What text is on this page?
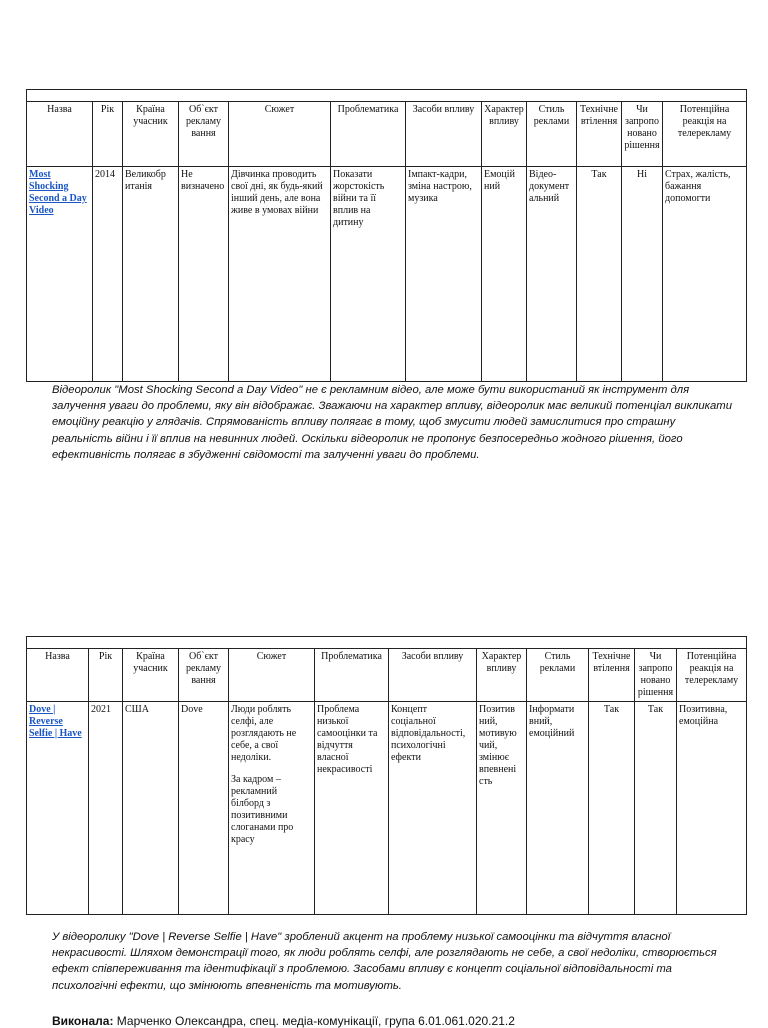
Назва	Рік	Країна учасник	Об`єкт рекламу вання	Сюжет	Проблематика	Засоби впливу	Характер впливу	Стиль реклами	Технічне втілення	Чи запропо новано рішення	Потенційна реакція на телерекламу
Most Shocking Second a Day Video	2014	Великобр итанія	Не визначено	Дівчинка проводить свої дні, як будь-який інший день, але вона живе в умовах війни	Показати жорстокість війни та її вплив на дитину	Імпакт-кадри, зміна настрою, музика	Емоцій ний	Відео-документ альний	Так	Ні	Страх, жалість, бажання допомогти
Відеоролик "Most Shocking Second a Day Video" не є рекламним відео, але може бути використаний як інструмент для залучення уваги до проблеми, яку він відображає. Зважаючи на характер впливу, відеоролик має великий потенціал викликати емоційну реакцію у глядачів. Спрямованість впливу полягає в тому, щоб змусити людей замислитися про страшну реальність війни і її вплив на невинних людей. Оскільки відеоролик не пропонує безпосередньо жодного рішення, його ефективність полягає в збудженні свідомості та залученні уваги до проблеми.

Назва	Рік	Країна учасник	Об`єкт рекламу вання	Сюжет	Проблематика	Засоби впливу	Характер впливу	Стиль реклами	Технічне втілення	Чи запропо новано рішення	Потенційна реакція на телерекламу
Dove | Reverse Selfie | Have	2021	США	Dove	Люди роблять селфі, але розглядають не себе, а свої недоліки.
За кадром – рекламний білборд з позитивними слоганами про красу	Проблема низької самооцінки та відчуття власної некрасивості	Концепт соціальної відповідальності, психологічні ефекти	Позитив ний, мотивую чий, змінює впевнені сть	Інформати вний, емоційний	Так	Так	Позитивна, емоційна
У відеоролику "Dove | Reverse Selfie | Have" зроблений акцент на проблему низької самооцінки та відчуття власної некрасивості. Шляхом демонстрації того, як люди роблять селфі, але розглядають не себе, а свої недоліки, створюється ефект співпереживання та ідентифікації з проблемою. Засобами впливу є концепт соціальної відповідальності та психологічні ефекти, що змінюють впевненість та мотивують.
Виконала: Марченко Олександра, спец. медіа-комунікації, група 6.01.061.020.21.2
